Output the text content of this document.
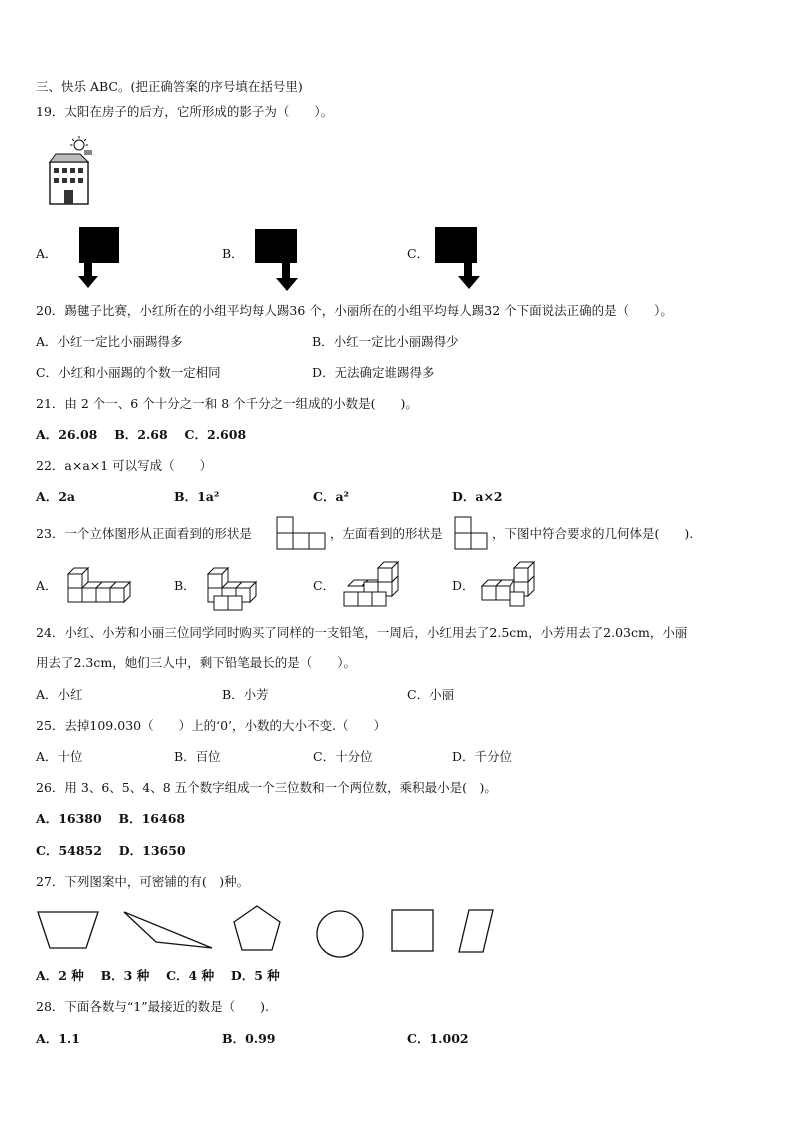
三、快乐 ABC。(把正确答案的序号填在括号里)
19．太阳在房子的后方，它所形成的影子为（　　）。
A．	B．	C．
20．踢毽子比赛，小红所在的小组平均每人踢36 个，小丽所在的小组平均每人踢32 个下面说法正确的是（　　）。
A．小红一定比小丽踢得多	B．小红一定比小丽踢得少
C．小红和小丽踢的个数一定相同	D．无法确定谁踢得多
21．由 2 个一、6 个十分之一和 8 个千分之一组成的小数是(　　)。
A．26.08　 B．2.68　 C．2.608
22．a×a×1 可以写成（　　）
A．2a	B．1a²	C．a²	D．a×2
23．一个立体图形从正面看到的形状是	，左面看到的形状是	，下图中符合要求的几何体是(　　).
A．	B．	C．	D．
24．小红、小芳和小丽三位同学同时购买了同样的一支铅笔，一周后，小红用去了2.5cm，小芳用去了2.03cm，小丽
用去了2.3cm，她们三人中，剩下铅笔最长的是（　　）。
A．小红	B．小芳	C．小丽
25．去掉109.030（　　）上的‘0’，小数的大小不变.（　　）
A．十位	B．百位	C．十分位	D．千分位
26．用 3、6、5、4、8 五个数字组成一个三位数和一个两位数，乘积最小是(　)。
A．16380　 B．16468
C．54852　 D．13650
27．下列图案中，可密铺的有(　)种。
A．2 种　 B．3 种　 C．4 种　 D．5 种
28．下面各数与“1”最接近的数是（　　).
A．1.1	B．0.99	C．1.002
